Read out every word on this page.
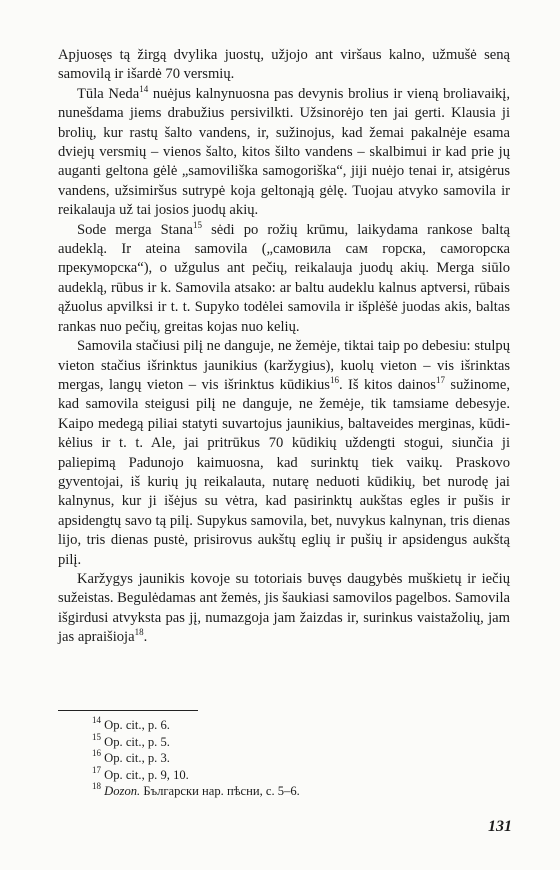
Apjuosęs tą žirgą dvylika juostų, užjojo ant viršaus kalno, užmušė seną samovilą ir išardė 70 versmių.

Tūla Neda$^{14}$ nuėjus kalnynuosna pas devynis brolius ir vieną broliavaikį, nunešdama jiems drabužius persivilkti. Užsinorėjo ten jai gerti. Klausia ji brolių, kur rastų šalto vandens, ir, sužinojus, kad žemai pakalnėje esama dviejų versmių – vienos šalto, kitos šilto vandens – skalbimui ir kad prie jų auganti geltona gėlė „samoviliška samogoriška“, jiji nuėjo tenai ir, atsigėrus vandens, užsimiršus sutrypė koja geltonąją gėlę. Tuojau atvyko samovila ir reikalauja už tai josios juodų akių.

Sode merga Stana$^{15}$ sėdi po rožių krūmu, laikydama rankose baltą audeklą. Ir ateina samovila („самовила сам горска, самогорска прекуморска“), o užgulus ant pečių, reikalauja juodų akių. Merga siūlo audeklą, rūbus ir k. Samovila atsako: ar baltu audeklu kalnus aptversi, rūbais ąžuolus apvilksi ir t. t. Supyko todėlei samovila ir išplėšė juodas akis, baltas rankas nuo pečių, greitas kojas nuo kelių.

Samovila stačiusi pilį ne danguje, ne žemėje, tiktai taip po debesiu: stulpų vieton stačius išrinktus jaunikius (karžygius), kuolų vieton – vis išrinktas mergas, langų vieton – vis išrinktus kūdikius$^{16}$. Iš kitos dainos$^{17}$ sužinome, kad samovila steigusi pilį ne danguje, ne žemėje, tik tamsiame debesyje. Kaipo medegą piliai statyti suvartojus jaunikius, baltaveides merginas, kūdikėlius ir t. t. Ale, jai pritrūkus 70 kūdikių uždengti stogui, siunčia ji paliepimą Padunojo kaimuosna, kad surinktų tiek vaikų. Praskovo gyventojai, iš kurių jų reikalauta, nutarę neduoti kūdikių, bet nurodę jai kalnynus, kur ji išėjus su vėtra, kad pasirinktų aukštas egles ir pušis ir apsidengtų savo tą pilį. Supykus samovila, bet, nuvykus kalnynan, tris dienas lijo, tris dienas pustė, prisirovus aukštų eglių ir pušių ir apsidengus aukštą pilį.

Karžygys jaunikis kovoje su totoriais buvęs daugybės muškietų ir iečių sužeistas. Begulėdamas ant žemės, jis šaukiasi samovilos pagelbos. Samovila išgirdusi atvyksta pas jį, numazgoja jam žaizdas ir, surinkus vaistažolių, jam jas apraišioja$^{18}$.

$^{14}$ Op. cit., p. 6.
$^{15}$ Op. cit., p. 5.
$^{16}$ Op. cit., p. 3.
$^{17}$ Op. cit., p. 9, 10.
$^{18}$ Dozon. Български нар. пѣсни, с. 5–6.
131
